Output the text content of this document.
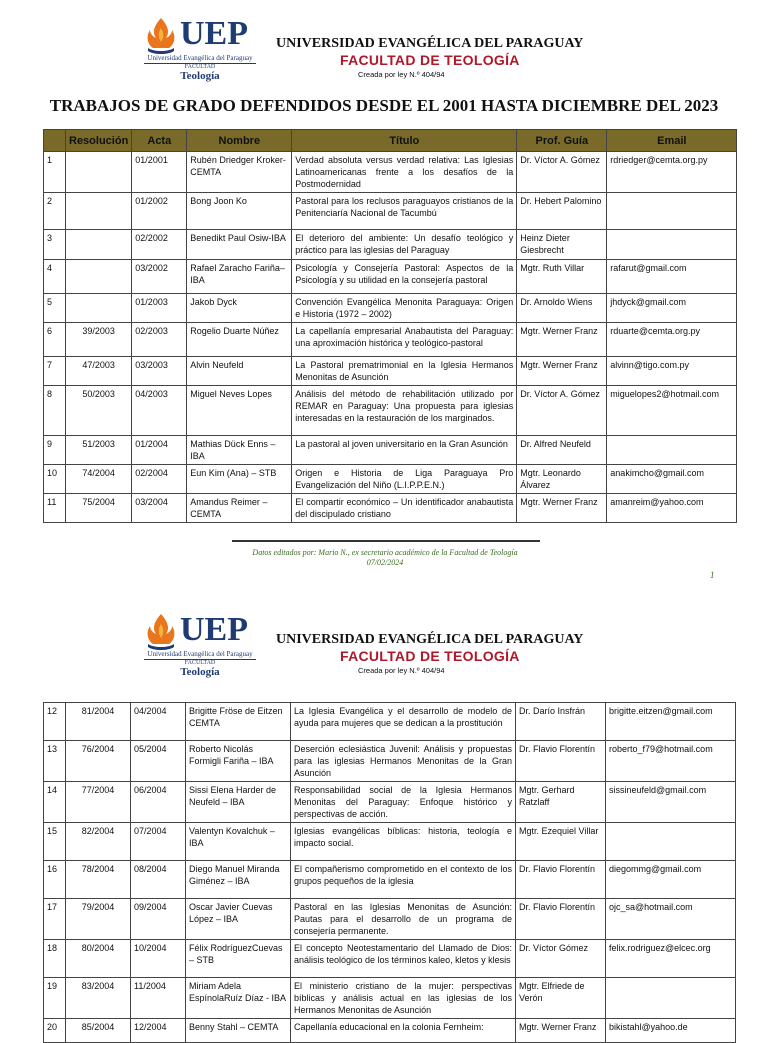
UEP
Universidad Evangélica del Paraguay
FACULTAD
Teología
UNIVERSIDAD EVANGÉLICA DEL PARAGUAY
FACULTAD DE TEOLOGÍA
Creada por ley N.º 404/94
TRABAJOS DE GRADO DEFENDIDOS DESDE EL 2001 HASTA DICIEMBRE DEL 2023
	Resolución	Acta	Nombre	Título	Prof. Guía	Email
1		01/2001	Rubén Driedger Kroker- CEMTA	Verdad absoluta versus verdad relativa: Las Iglesias Latinoamericanas frente a los desafíos de la Postmodernidad	Dr. Víctor A. Gómez	rdriedger@cemta.org.py
2		01/2002	Bong Joon Ko	Pastoral para los reclusos paraguayos cristianos de la Penitenciaría Nacional de Tacumbú	Dr. Hebert Palomino	
3		02/2002	Benedikt Paul Osiw-IBA	El deterioro del ambiente: Un desafío teológico y práctico para las iglesias del Paraguay	Heinz Dieter Giesbrecht	
4		03/2002	Rafael Zaracho Fariña–IBA	Psicología y Consejería Pastoral: Aspectos de la Psicología y su utilidad en la consejería pastoral	Mgtr. Ruth Villar	rafarut@gmail.com
5		01/2003	Jakob Dyck	Convención Evangélica Menonita Paraguaya: Origen e Historia (1972 – 2002)	Dr. Arnoldo Wiens	jhdyck@gmail.com
6	39/2003	02/2003	Rogelio Duarte Núñez	La capellanía empresarial Anabautista del Paraguay: una aproximación histórica y teológico-pastoral	Mgtr. Werner Franz	rduarte@cemta.org.py
7	47/2003	03/2003	Alvin Neufeld	La Pastoral prematrimonial en la Iglesia Hermanos Menonitas de Asunción	Mgtr. Werner Franz	alvinn@tigo.com.py
8	50/2003	04/2003	Miguel Neves Lopes	Análisis del método de rehabilitación utilizado por REMAR en Paraguay: Una propuesta para iglesias interesadas en la restauración de los marginados.	Dr. Víctor A. Gómez	miguelopes2@hotmail.com
9	51/2003	01/2004	Mathias Dück Enns – IBA	La pastoral al joven universitario en la Gran Asunción	Dr. Alfred Neufeld	
10	74/2004	02/2004	Eun Kim (Ana) – STB	Origen e Historia de Liga Paraguaya Pro Evangelización del Niño (L.I.P.P.E.N.)	Mgtr. Leonardo Álvarez	anakimcho@gmail.com
11	75/2004	03/2004	Amandus Reimer – CEMTA	El compartir económico – Un identificador anabautista del discipulado cristiano	Mgtr. Werner Franz	amanreim@yahoo.com
Datos editados por: Mario N., ex secretario académico de la Facultad de Teología
07/02/2024
1
UEP
Universidad Evangélica del Paraguay
FACULTAD
Teología
UNIVERSIDAD EVANGÉLICA DEL PARAGUAY
FACULTAD DE TEOLOGÍA
Creada por ley N.º 404/94
12	81/2004	04/2004	Brigitte Fröse de Eitzen CEMTA	La Iglesia Evangélica y el desarrollo de modelo de ayuda para mujeres que se dedican a la prostitución	Dr. Darío Insfrán	brigitte.eitzen@gmail.com
13	76/2004	05/2004	Roberto Nicolás Formigli Fariña – IBA	Deserción eclesiástica Juvenil: Análisis y propuestas para las iglesias Hermanos Menonitas de la Gran Asunción	Dr. Flavio Florentín	roberto_f79@hotmail.com
14	77/2004	06/2004	Sissi Elena Harder de Neufeld – IBA	Responsabilidad social de la Iglesia Hermanos Menonitas del Paraguay: Enfoque histórico y perspectivas de acción.	Mgtr. Gerhard Ratzlaff	sissineufeld@gmail.com
15	82/2004	07/2004	Valentyn Kovalchuk – IBA	Iglesias evangélicas bíblicas: historia, teología e impacto social.	Mgtr. Ezequiel Villar	
16	78/2004	08/2004	Diego Manuel Miranda Giménez – IBA	El compañerismo comprometido en el contexto de los grupos pequeños de la iglesia	Dr. Flavio Florentín	diegommg@gmail.com
17	79/2004	09/2004	Oscar Javier Cuevas López – IBA	Pastoral en las Iglesias Menonitas de Asunción: Pautas para el desarrollo de un programa de consejería permanente.	Dr. Flavio Florentín	ojc_sa@hotmail.com
18	80/2004	10/2004	Félix RodríguezCuevas – STB	El concepto Neotestamentario del Llamado de Dios: análisis teológico de los términos kaleo, kletos y klesis	Dr. Víctor Gómez	felix.rodriguez@elcec.org
19	83/2004	11/2004	Miriam Adela EspínolaRuíz Díaz - IBA	El ministerio cristiano de la mujer: perspectivas bíblicas y análisis actual en las iglesias de los Hermanos Menonitas de Asunción	Mgtr. Elfriede de Verón	
20	85/2004	12/2004	Benny Stahl – CEMTA	Capellanía educacional en la colonia Fernheim:	Mgtr. Werner Franz	bikistahl@yahoo.de
